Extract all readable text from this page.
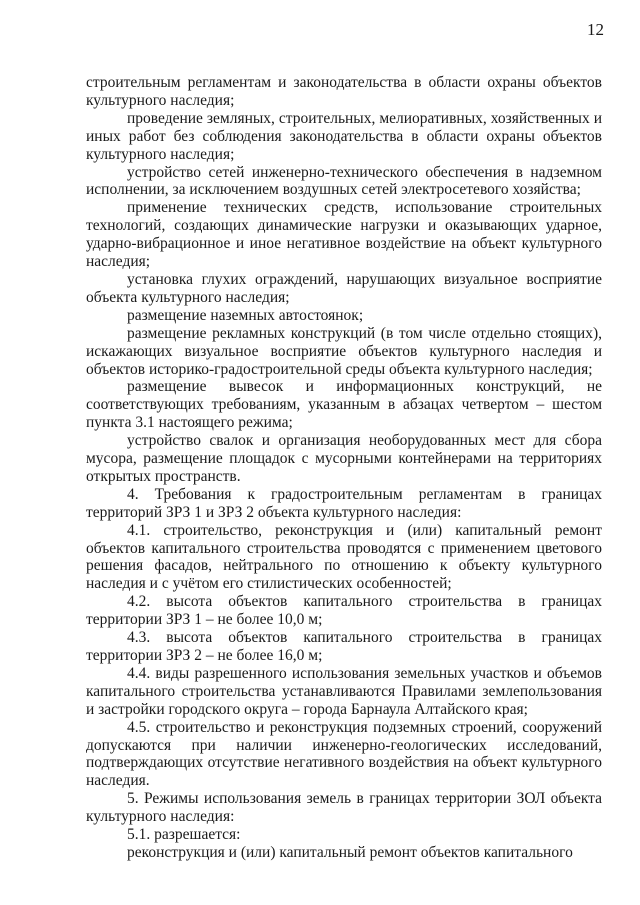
12

строительным регламентам и законодательства в области охраны объектов культурного наследия;

проведение земляных, строительных, мелиоративных, хозяйственных и иных работ без соблюдения законодательства в области охраны объектов культурного наследия;

устройство сетей инженерно-технического обеспечения в надземном исполнении, за исключением воздушных сетей электросетевого хозяйства;

применение технических средств, использование строительных технологий, создающих динамические нагрузки и оказывающих ударное, ударно-вибрационное и иное негативное воздействие на объект культурного наследия;

установка глухих ограждений, нарушающих визуальное восприятие объекта культурного наследия;

размещение наземных автостоянок;

размещение рекламных конструкций (в том числе отдельно стоящих), искажающих визуальное восприятие объектов культурного наследия и объектов историко-градостроительной среды объекта культурного наследия;

размещение вывесок и информационных конструкций, не соответствующих требованиям, указанным в абзацах четвертом – шестом пункта 3.1 настоящего режима;

устройство свалок и организация необорудованных мест для сбора мусора, размещение площадок с мусорными контейнерами на территориях открытых пространств.

4. Требования к градостроительным регламентам в границах территорий ЗРЗ 1 и ЗРЗ 2 объекта культурного наследия:

4.1. строительство, реконструкция и (или) капитальный ремонт объектов капитального строительства проводятся с применением цветового решения фасадов, нейтрального по отношению к объекту культурного наследия и с учётом его стилистических особенностей;

4.2. высота объектов капитального строительства в границах территории ЗРЗ 1 – не более 10,0 м;

4.3. высота объектов капитального строительства в границах территории ЗРЗ 2 – не более 16,0 м;

4.4. виды разрешенного использования земельных участков и объемов капитального строительства устанавливаются Правилами землепользования и застройки городского округа – города Барнаула Алтайского края;

4.5. строительство и реконструкция подземных строений, сооружений допускаются при наличии инженерно-геологических исследований, подтверждающих отсутствие негативного воздействия на объект культурного наследия.

5. Режимы использования земель в границах территории ЗОЛ объекта культурного наследия:

5.1. разрешается:

реконструкция и (или) капитальный ремонт объектов капитального
